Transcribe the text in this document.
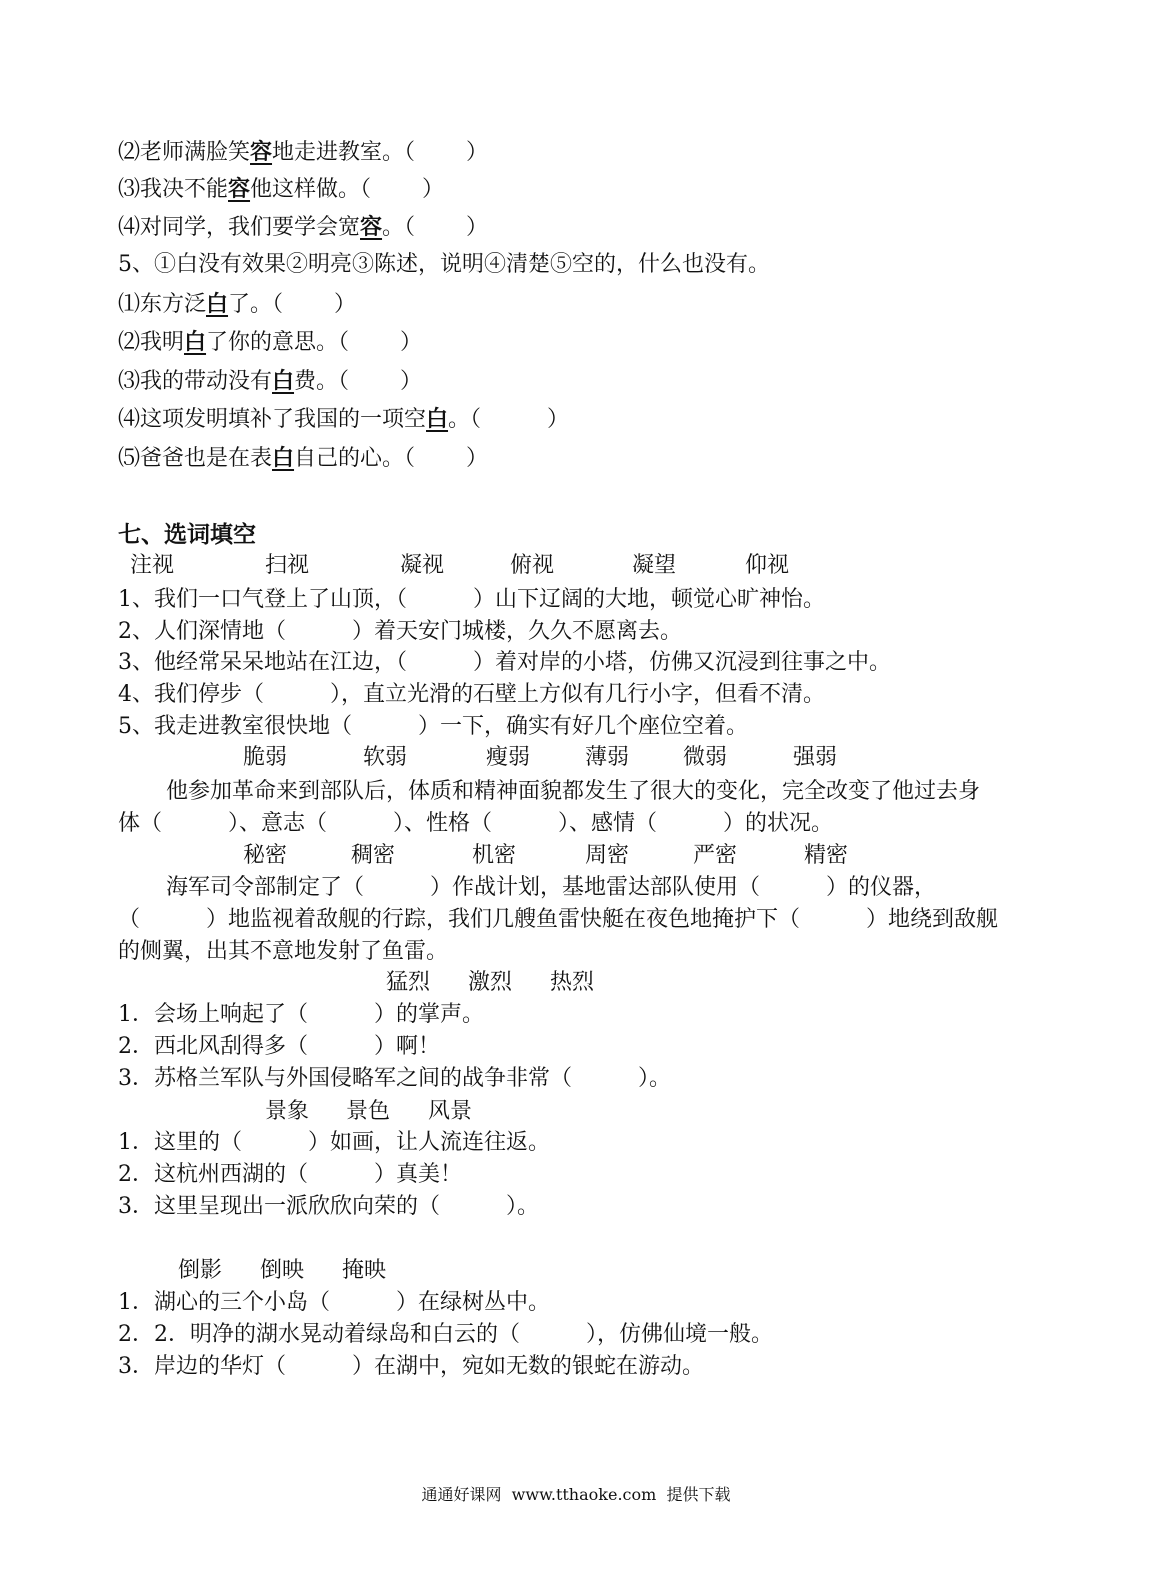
⑵老师满脸笑容地走进教室。（　　 ）
⑶我决不能容他这样做。（　　 ）
⑷对同学，我们要学会宽容。（　　 ）
5、①白没有效果②明亮③陈述，说明④清楚⑤空的，什么也没有。
⑴东方泛白了。（　　 ）
⑵我明白了你的意思。（　　 ）
⑶我的带动没有白费。（　　 ）
⑷这项发明填补了我国的一项空白。（　　　）
⑸爸爸也是在表白自己的心。（　　 ）
七、选词填空
注视	扫视	凝视	俯视	凝望	仰视
1、我们一口气登上了山顶，（　　　）山下辽阔的大地，顿觉心旷神怡。
2、人们深情地（　　　）着天安门城楼，久久不愿离去。
3、他经常呆呆地站在江边，（　　　）着对岸的小塔，仿佛又沉浸到往事之中。
4、我们停步（　　　），直立光滑的石壁上方似有几行小字，但看不清。
5、我走进教室很快地（　　　）一下，确实有好几个座位空着。
脆弱	软弱	瘦弱 薄弱 微弱	强弱
他参加革命来到部队后，体质和精神面貌都发生了很大的变化，完全改变了他过去身体（　　　）、意志（　　　）、性格（　　　）、感情（　　　）的状况。
秘密	稠密	机密	周密	严密	精密
海军司令部制定了（　　　）作战计划，基地雷达部队使用（　　　）的仪器，（　　　）地监视着敌舰的行踪，我们几艘鱼雷快艇在夜色地掩护下（　　　）地绕到敌舰的侧翼，出其不意地发射了鱼雷。
猛烈 激烈 热烈
1．会场上响起了（　　　）的掌声。
2．西北风刮得多（　　　）啊！
3．苏格兰军队与外国侵略军之间的战争非常（　　　）。
景象 景色 风景
1．这里的（　　　）如画，让人流连往返。
2．这杭州西湖的（　　　）真美！
3．这里呈现出一派欣欣向荣的（　　　）。
倒影 倒映 掩映
1．湖心的三个小岛（　　　）在绿树丛中。
2．2．明净的湖水晃动着绿岛和白云的（　　　），仿佛仙境一般。
3．岸边的华灯（　　　）在湖中，宛如无数的银蛇在游动。
通通好课网  www.tthaoke.com  提供下载
